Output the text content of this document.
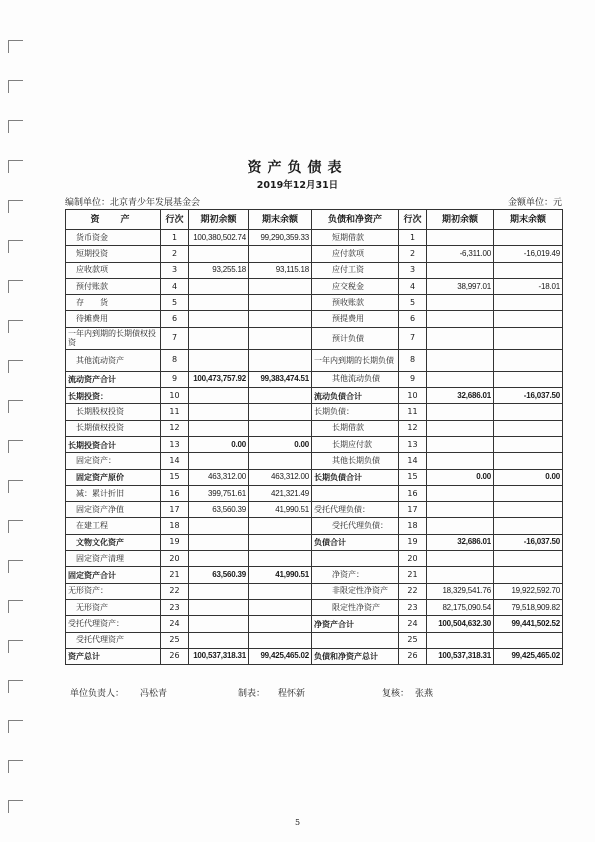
资产负债表
2019年12月31日
编制单位：北京青少年发展基金会	金额单位：元
资　产	行次	期初余额	期末余额	负债和净资产	行次	期初余额	期末余额
货币资金	1	100,380,502.74	99,290,359.33	短期借款	1		
短期投资	2			应付款项	2	-6,311.00	-16,019.49
应收款项	3	93,255.18	93,115.18	应付工资	3		
预付账款	4			应交税金	4	38,997.01	-18.01
存　　货	5			预收账款	5		
待摊费用	6			预提费用	6		
一年内到期的长期债权投资	7			预计负债	7		
其他流动资产	8			一年内到期的长期负债	8		
流动资产合计	9	100,473,757.92	99,383,474.51	其他流动负债	9		
长期投资：	10			流动负债合计	10	32,686.01	-16,037.50
长期股权投资	11			长期负债：	11		
长期债权投资	12			长期借款	12		
长期投资合计	13	0.00	0.00	长期应付款	13		
固定资产：	14			其他长期负债	14		
固定资产原价	15	463,312.00	463,312.00	长期负债合计	15	0.00	0.00
减：累计折旧	16	399,751.61	421,321.49		16		
固定资产净值	17	63,560.39	41,990.51	受托代理负债：	17		
在建工程	18			受托代理负债：	18		
文物文化资产	19			负债合计	19	32,686.01	-16,037.50
固定资产清理	20				20		
固定资产合计	21	63,560.39	41,990.51	净资产：	21		
无形资产：	22			非限定性净资产	22	18,329,541.76	19,922,592.70
无形资产	23			限定性净资产	23	82,175,090.54	79,518,909.82
受托代理资产：	24			净资产合计	24	100,504,632.30	99,441,502.52
受托代理资产	25				25		
资产总计	26	100,537,318.31	99,425,465.02	负债和净资产总计	26	100,537,318.31	99,425,465.02
单位负责人： 冯松青	制表： 程怀新	复核： 张燕
5
